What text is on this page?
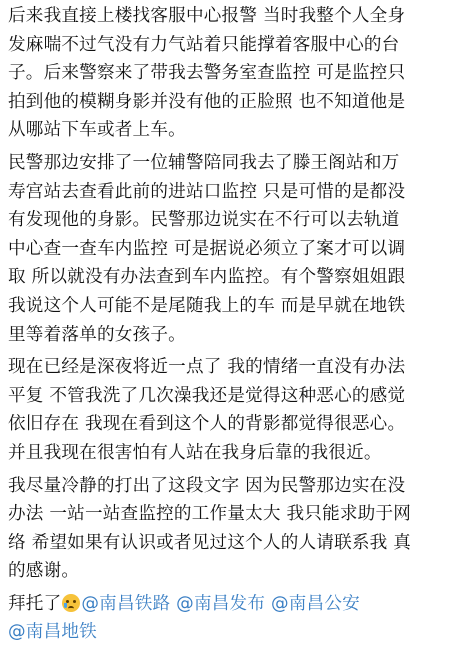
后来我直接上楼找客服中心报警 当时我整个人全身
发麻喘不过气没有力气站着只能撑着客服中心的台
子。后来警察来了带我去警务室查监控 可是监控只
拍到他的模糊身影并没有他的正脸照 也不知道他是
从哪站下车或者上车。
民警那边安排了一位辅警陪同我去了滕王阁站和万
寿宫站去查看此前的进站口监控 只是可惜的是都没
有发现他的身影。民警那边说实在不行可以去轨道
中心查一查车内监控 可是据说必须立了案才可以调
取 所以就没有办法查到车内监控。有个警察姐姐跟
我说这个人可能不是尾随我上的车 而是早就在地铁
里等着落单的女孩子。
现在已经是深夜将近一点了 我的情绪一直没有办法
平复 不管我洗了几次澡我还是觉得这种恶心的感觉
依旧存在 我现在看到这个人的背影都觉得很恶心。
并且我现在很害怕有人站在我身后靠的我很近。
我尽量冷静的打出了这段文字 因为民警那边实在没
办法 一站一站查监控的工作量太大 我只能求助于网
络 希望如果有认识或者见过这个人的人请联系我 真
的感谢。
拜托了 @南昌铁路 @南昌发布 @南昌公安
@南昌地铁
